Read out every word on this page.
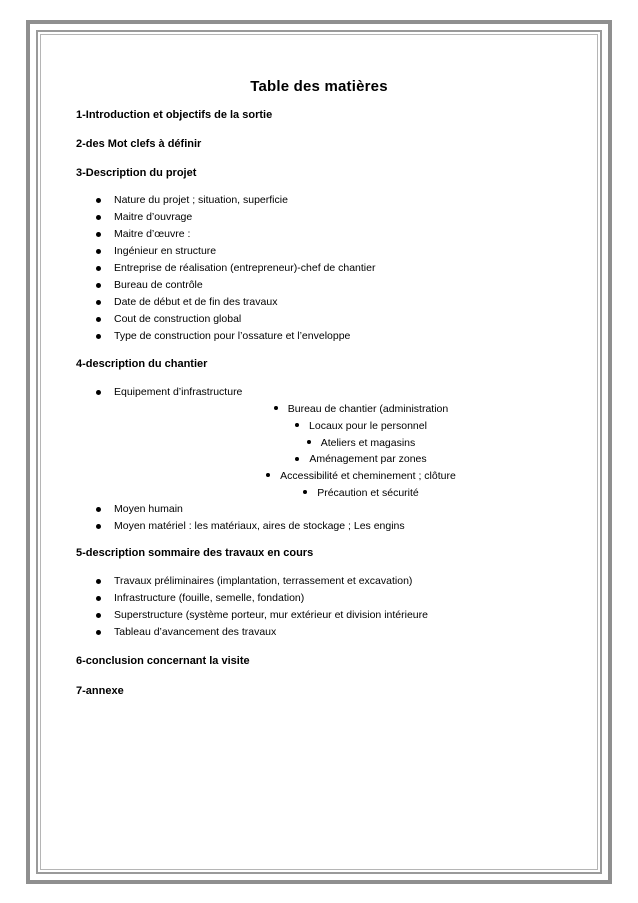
Table des matières

1-Introduction et objectifs de la sortie

2-des Mot clefs à définir

3-Description du projet

Nature du projet ; situation, superficie
Maitre d’ouvrage
Maitre d’œuvre :
Ingénieur en structure
Entreprise de réalisation (entrepreneur)-chef de chantier
Bureau de contrôle
Date de début et de fin des travaux
Cout de construction global
Type de construction pour l’ossature et l’enveloppe

4-description du chantier

Equipement d’infrastructure
Bureau de chantier (administration
Locaux pour le personnel
Ateliers et magasins
Aménagement par zones
Accessibilité et cheminement ; clôture
Précaution et sécurité
Moyen humain
Moyen matériel : les matériaux, aires de stockage ; Les engins

5-description sommaire des travaux en cours

Travaux préliminaires (implantation, terrassement et excavation)
Infrastructure (fouille, semelle, fondation)
Superstructure (système porteur, mur extérieur et division intérieure
Tableau d’avancement des travaux

6-conclusion concernant la visite

7-annexe
